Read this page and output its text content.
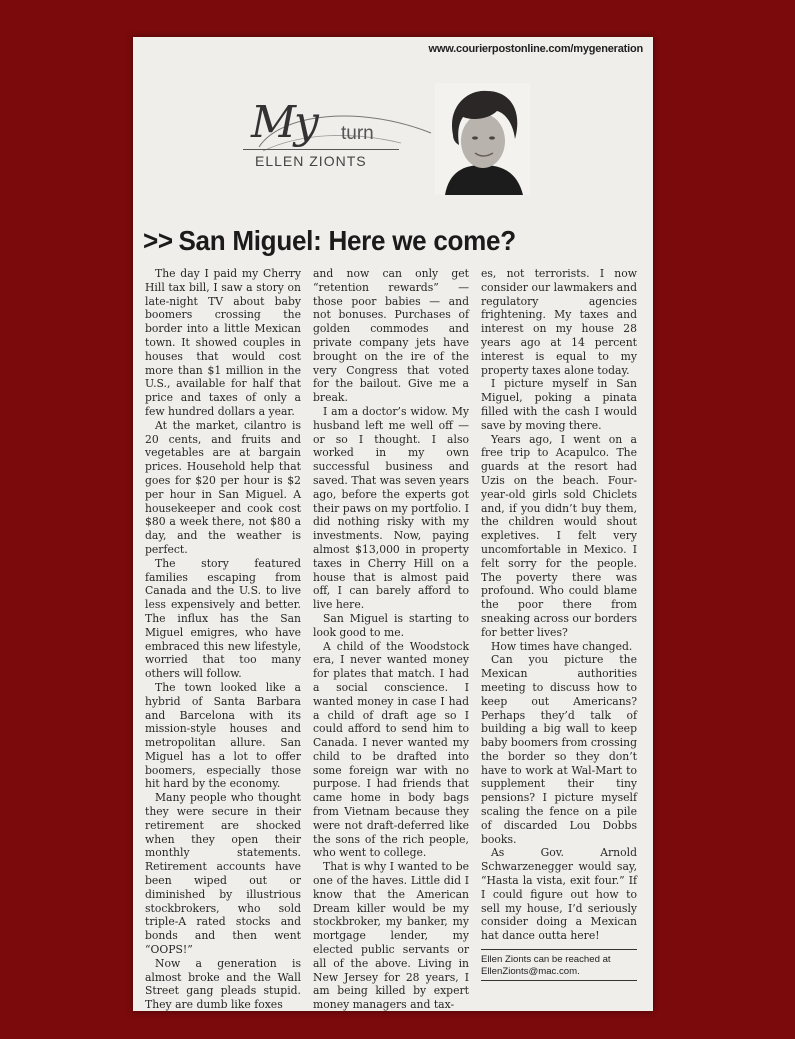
www.courierpostonline.com/mygeneration
My turn
ELLEN ZIONTS
>> San Miguel: Here we come?

The day I paid my Cherry Hill tax bill, I saw a story on late-night TV about baby boomers crossing the border into a little Mexican town. It showed couples in houses that would cost more than $1 million in the U.S., available for half that price and taxes of only a few hundred dollars a year.

At the market, cilantro is 20 cents, and fruits and vegetables are at bargain prices. Household help that goes for $20 per hour is $2 per hour in San Miguel. A housekeeper and cook cost $80 a week there, not $80 a day, and the weather is perfect.

The story featured families escaping from Canada and the U.S. to live less expensively and better. The influx has the San Miguel emigres, who have embraced this new lifestyle, worried that too many others will follow.

The town looked like a hybrid of Santa Barbara and Barcelona with its mission-style houses and metropolitan allure. San Miguel has a lot to offer boomers, especially those hit hard by the economy.

Many people who thought they were secure in their retirement are shocked when they open their monthly statements. Retirement accounts have been wiped out or diminished by illustrious stockbrokers, who sold triple-A rated stocks and bonds and then went “OOPS!”

Now a generation is almost broke and the Wall Street gang pleads stupid. They are dumb like foxes

and now can only get “retention rewards” — those poor babies — and not bonuses. Purchases of golden commodes and private company jets have brought on the ire of the very Congress that voted for the bailout. Give me a break.

I am a doctor’s widow. My husband left me well off — or so I thought. I also worked in my own successful business and saved. That was seven years ago, before the experts got their paws on my portfolio. I did nothing risky with my investments. Now, paying almost $13,000 in property taxes in Cherry Hill on a house that is almost paid off, I can barely afford to live here.

San Miguel is starting to look good to me.

A child of the Woodstock era, I never wanted money for plates that match. I had a social conscience. I wanted money in case I had a child of draft age so I could afford to send him to Canada. I never wanted my child to be drafted into some foreign war with no purpose. I had friends that came home in body bags from Vietnam because they were not draft-deferred like the sons of the rich people, who went to college.

That is why I wanted to be one of the haves. Little did I know that the American Dream killer would be my stockbroker, my banker, my mortgage lender, my elected public servants or all of the above. Living in New Jersey for 28 years, I am being killed by expert money managers and tax-

es, not terrorists. I now consider our lawmakers and regulatory agencies frightening. My taxes and interest on my house 28 years ago at 14 percent interest is equal to my property taxes alone today.

I picture myself in San Miguel, poking a pinata filled with the cash I would save by moving there.

Years ago, I went on a free trip to Acapulco. The guards at the resort had Uzis on the beach. Four-year-old girls sold Chiclets and, if you didn’t buy them, the children would shout expletives. I felt very uncomfortable in Mexico. I felt sorry for the people. The poverty there was profound. Who could blame the poor there from sneaking across our borders for better lives?

How times have changed.

Can you picture the Mexican authorities meeting to discuss how to keep out Americans? Perhaps they’d talk of building a big wall to keep baby boomers from crossing the border so they don’t have to work at Wal-Mart to supplement their tiny pensions? I picture myself scaling the fence on a pile of discarded Lou Dobbs books.

As Gov. Arnold Schwarzenegger would say, “Hasta la vista, exit four.” If I could figure out how to sell my house, I’d seriously consider doing a Mexican hat dance outta here!

Ellen Zionts can be reached at EllenZionts@mac.com.
